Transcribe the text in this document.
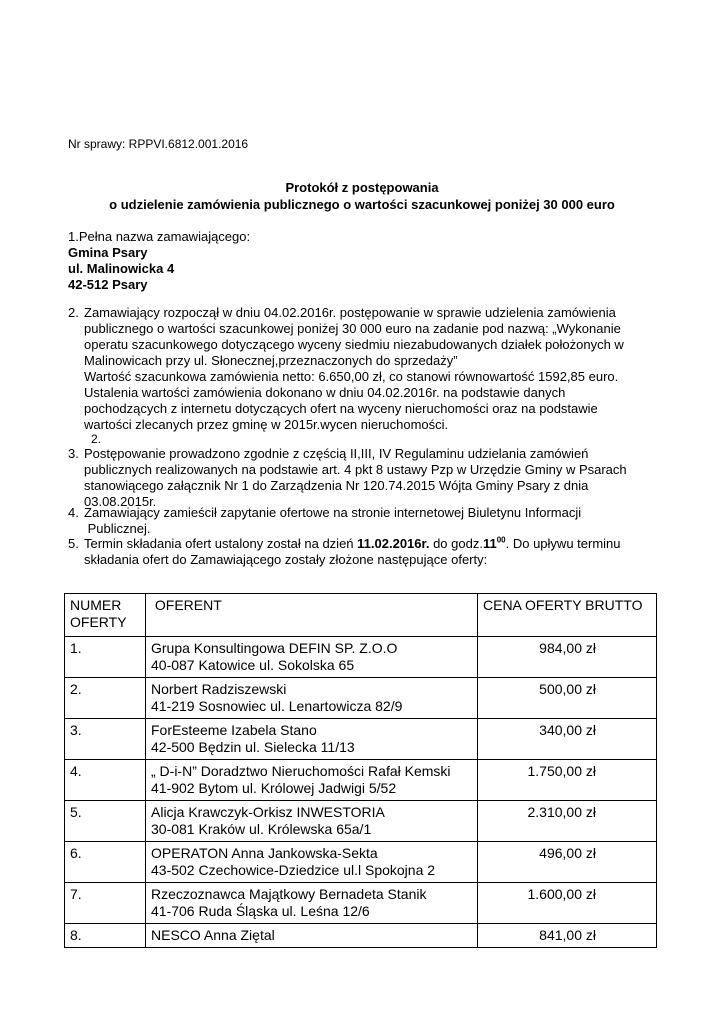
Nr sprawy: RPPVI.6812.001.2016
Protokół z postępowania
o udzielenie zamówienia publicznego o wartości szacunkowej poniżej 30 000 euro
1.Pełna nazwa zamawiającego:
Gmina Psary
ul. Malinowicka 4
42-512 Psary
2. Zamawiający rozpoczął w dniu 04.02.2016r. postępowanie w sprawie udzielenia zamówienia
publicznego o wartości szacunkowej poniżej 30 000 euro na zadanie pod nazwą: „Wykonanie
operatu szacunkowego dotyczącego wyceny siedmiu niezabudowanych działek położonych w
Malinowicach przy ul. Słonecznej,przeznaczonych do sprzedaży”
Wartość szacunkowa zamówienia netto: 6.650,00 zł, co stanowi równowartość 1592,85 euro.
Ustalenia wartości zamówienia dokonano w dniu 04.02.2016r. na podstawie danych
pochodzących z internetu dotyczących ofert na wyceny nieruchomości oraz na podstawie
wartości zlecanych przez gminę w 2015r.wycen nieruchomości.
2.
3. Postępowanie prowadzono zgodnie z częścią II,III, IV Regulaminu udzielania zamówień
publicznych realizowanych na podstawie art. 4 pkt 8 ustawy Pzp w Urzędzie Gminy w Psarach
stanowiącego załącznik Nr 1 do Zarządzenia Nr 120.74.2015 Wójta Gminy Psary z dnia
03.08.2015r.
4. Zamawiający zamieścił zapytanie ofertowe na stronie internetowej Biuletynu Informacji
Publicznej.
5. Termin składania ofert ustalony został na dzień 11.02.2016r. do $godz.11^{00}$. Do upływu terminu
składania ofert do Zamawiającego zostały złożone następujące oferty:
NUMER OFERTY	OFERENT	CENA OFERTY BRUTTO
1.	Grupa Konsultingowa DEFIN SP. Z.O.O
40-087 Katowice ul. Sokolska 65	984,00 zł
2.	Norbert Radziszewski
41-219 Sosnowiec ul. Lenartowicza 82/9	500,00 zł
3.	ForEsteeme Izabela Stano
42-500 Będzin ul. Sielecka 11/13	340,00 zł
4.	„ D-i-N” Doradztwo Nieruchomości Rafał Kemski
41-902 Bytom ul. Królowej Jadwigi 5/52	1.750,00 zł
5.	Alicja Krawczyk-Orkisz INWESTORIA
30-081 Kraków ul. Królewska 65a/1	2.310,00 zł
6.	OPERATON Anna Jankowska-Sekta
43-502 Czechowice-Dziedzice ul.l Spokojna 2	496,00 zł
7.	Rzeczoznawca Majątkowy Bernadeta Stanik
41-706 Ruda Śląska ul. Leśna 12/6	1.600,00 zł
8.	NESCO Anna Ziętal	841,00 zł
